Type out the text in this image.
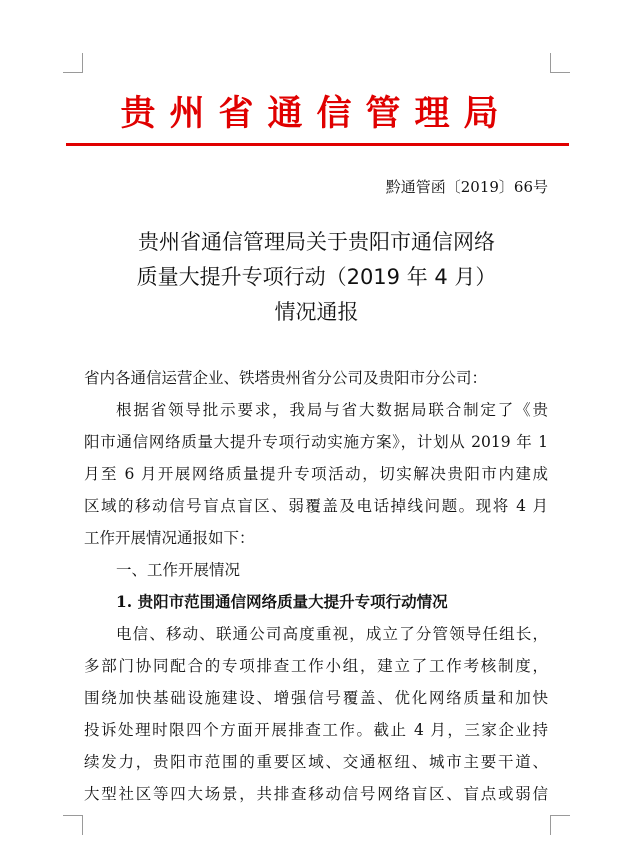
贵州省通信管理局
黔通管函〔2019〕66号
贵州省通信管理局关于贵阳市通信网络
质量大提升专项行动（2019 年 4 月）
情况通报
省内各通信运营企业、铁塔贵州省分公司及贵阳市分公司：
根据省领导批示要求，我局与省大数据局联合制定了《贵
阳市通信网络质量大提升专项行动实施方案》，计划从 2019 年 1
月至 6 月开展网络质量提升专项活动，切实解决贵阳市内建成
区域的移动信号盲点盲区、弱覆盖及电话掉线问题。现将 4 月
工作开展情况通报如下：
一、工作开展情况
1. 贵阳市范围通信网络质量大提升专项行动情况
电信、移动、联通公司高度重视，成立了分管领导任组长，
多部门协同配合的专项排查工作小组，建立了工作考核制度，
围绕加快基础设施建设、增强信号覆盖、优化网络质量和加快
投诉处理时限四个方面开展排查工作。截止 4 月，三家企业持
续发力，贵阳市范围的重要区域、交通枢纽、城市主要干道、
大型社区等四大场景，共排查移动信号网络盲区、盲点或弱信
